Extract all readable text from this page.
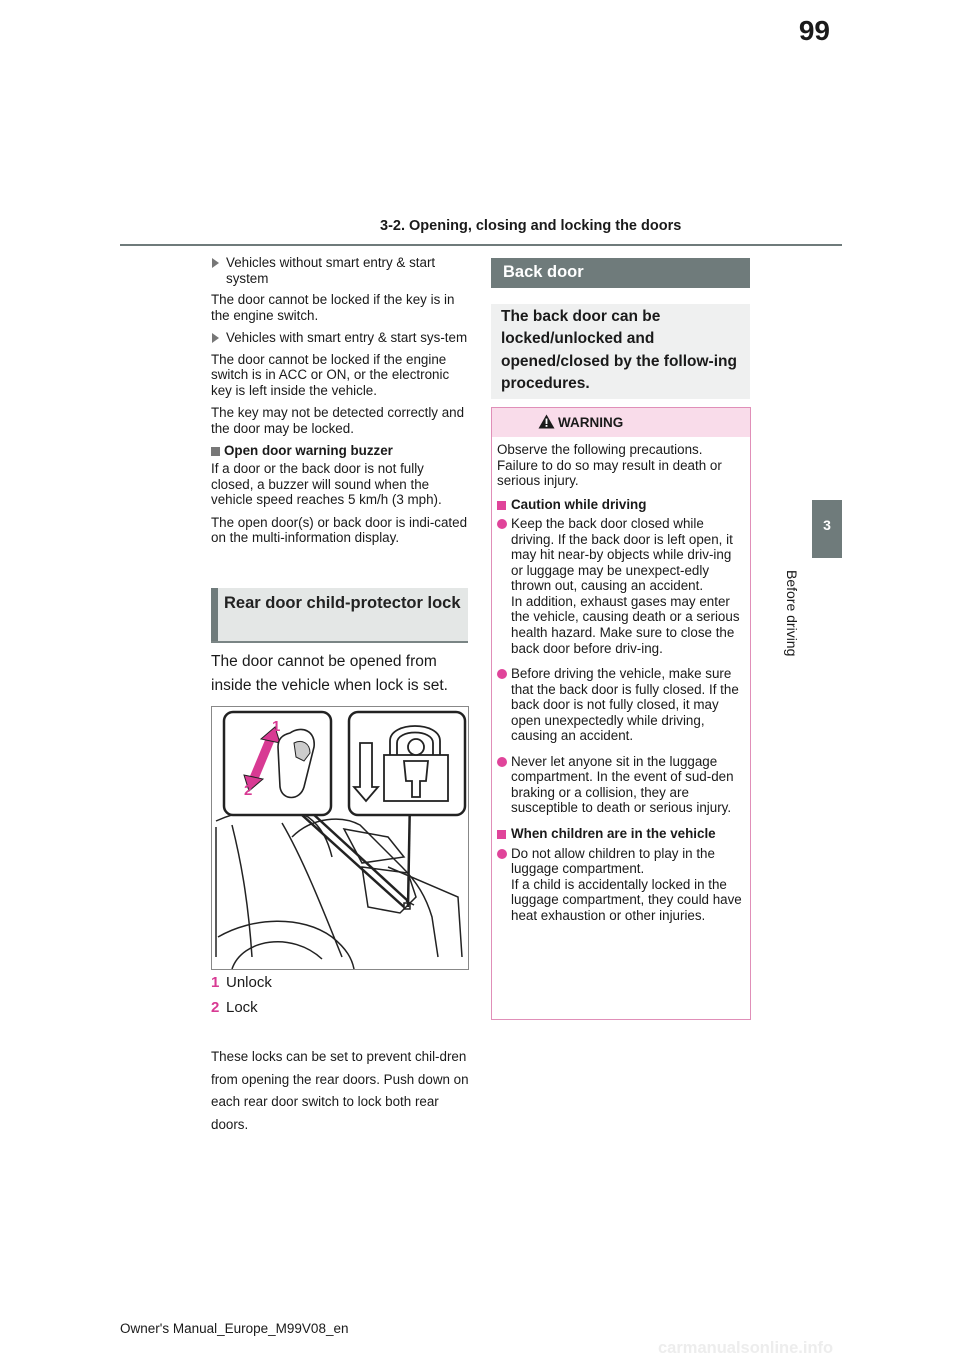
99
3-2. Opening, closing and locking the doors
3
Before driving
Vehicles without smart entry & start system

The door cannot be locked if the key is in the engine switch.

Vehicles with smart entry & start sys-tem

The door cannot be locked if the engine switch is in ACC or ON, or the electronic key is left inside the vehicle.

The key may not be detected correctly and the door may be locked.

Open door warning buzzer

If a door or the back door is not fully closed, a buzzer will sound when the vehicle speed reaches 5 km/h (3 mph).

The open door(s) or back door is indi-cated on the multi-information display.

Rear door child-protector lock
The door cannot be opened from inside the vehicle when lock is set.
1
2
1 Unlock
2 Lock
These locks can be set to prevent chil-dren from opening the rear doors. Push down on each rear door switch to lock both rear doors.
Back door
The back door can be locked/unlocked and opened/closed by the follow-ing procedures.
WARNING

Observe the following precautions. Failure to do so may result in death or serious injury.

Caution while driving
Keep the back door closed while driving. If the back door is left open, it may hit near-by objects while driv-ing or luggage may be unexpect-edly thrown out, causing an accident.
In addition, exhaust gases may enter the vehicle, causing death or a serious health hazard. Make sure to close the back door before driv-ing.
Before driving the vehicle, make sure that the back door is fully closed. If the back door is not fully closed, it may open unexpectedly while driving, causing an accident.
Never let anyone sit in the luggage compartment. In the event of sud-den braking or a collision, they are susceptible to death or serious injury.
When children are in the vehicle
Do not allow children to play in the luggage compartment.
If a child is accidentally locked in the luggage compartment, they could have heat exhaustion or other injuries.
Owner's Manual_Europe_M99V08_en
carmanualsonline.info
